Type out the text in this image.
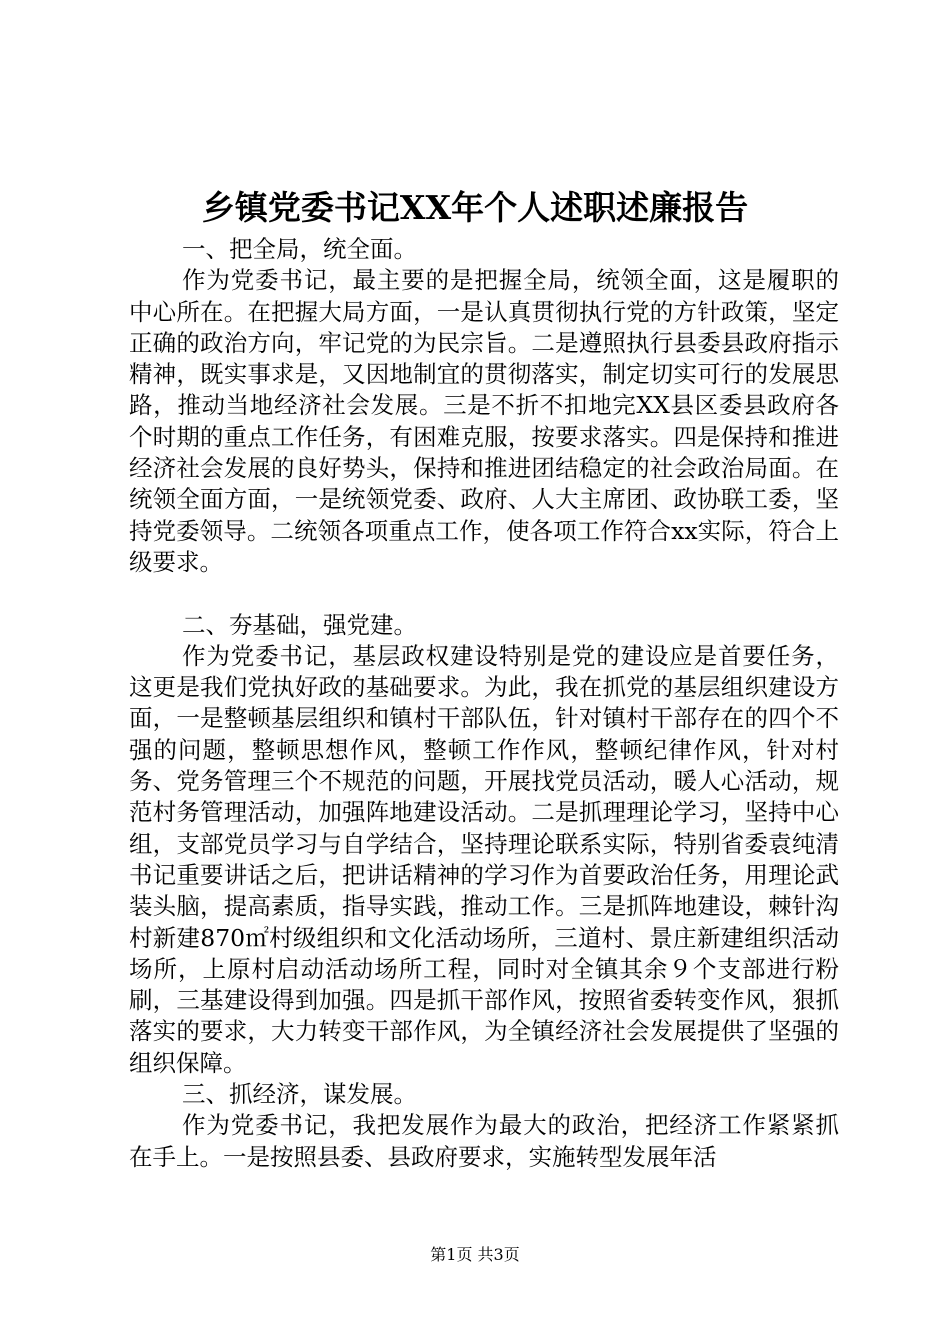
乡镇党委书记XX年个人述职述廉报告

一、把全局，统全面。

作为党委书记，最主要的是把握全局，统领全面，这是履职的中心所在。在把握大局方面，一是认真贯彻执行党的方针政策，坚定正确的政治方向，牢记党的为民宗旨。二是遵照执行县委县政府指示精神，既实事求是，又因地制宜的贯彻落实，制定切实可行的发展思路，推动当地经济社会发展。三是不折不扣地完XX县区委县政府各个时期的重点工作任务，有困难克服，按要求落实。四是保持和推进经济社会发展的良好势头，保持和推进团结稳定的社会政治局面。在统领全面方面，一是统领党委、政府、人大主席团、政协联工委，坚持党委领导。二统领各项重点工作，使各项工作符合xx实际，符合上级要求。

二、夯基础，强党建。

作为党委书记，基层政权建设特别是党的建设应是首要任务，这更是我们党执好政的基础要求。为此，我在抓党的基层组织建设方面，一是整顿基层组织和镇村干部队伍，针对镇村干部存在的四个不强的问题，整顿思想作风，整顿工作作风，整顿纪律作风，针对村务、党务管理三个不规范的问题，开展找党员活动，暖人心活动，规范村务管理活动，加强阵地建设活动。二是抓理理论学习，坚持中心组，支部党员学习与自学结合，坚持理论联系实际，特别省委袁纯清书记重要讲话之后，把讲话精神的学习作为首要政治任务，用理论武装头脑，提高素质，指导实践，推动工作。三是抓阵地建设，棘针沟村新建870㎡村级组织和文化活动场所，三道村、景庄新建组织活动场所，上原村启动活动场所工程，同时对全镇其余９个支部进行粉刷，三基建设得到加强。四是抓干部作风，按照省委转变作风，狠抓落实的要求，大力转变干部作风，为全镇经济社会发展提供了坚强的组织保障。

三、抓经济，谋发展。

作为党委书记，我把发展作为最大的政治，把经济工作紧紧抓在手上。一是按照县委、县政府要求，实施转型发展年活

第1页 共3页
